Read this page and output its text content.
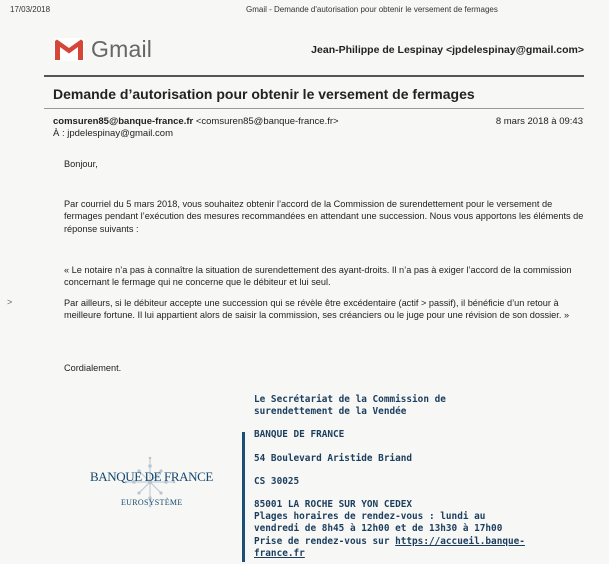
17/03/2018	Gmail - Demande d'autorisation pour obtenir le versement de fermages
Gmail	Jean-Philippe de Lespinay <jpdelespinay@gmail.com>
Demande d’autorisation pour obtenir le versement de fermages
comsuren85@banque-france.fr <comsuren85@banque-france.fr>	8 mars 2018 à 09:43
À : jpdelespinay@gmail.com
Bonjour,
Par courriel du 5 mars 2018, vous souhaitez obtenir l’accord de la Commission de surendettement pour le versement de fermages pendant l’exécution des mesures recommandées en attendant une succession. Nous vous apportons les éléments de réponse suivants :
« Le notaire n’a pas à connaître la situation de surendettement des ayant-droits. Il n’a pas à exiger l’accord de la commission concernant le fermage qui ne concerne que le débiteur et lui seul.
Par ailleurs, si le débiteur accepte une succession qui se révèle être excédentaire (actif > passif), il bénéficie d’un retour à meilleure fortune. Il lui appartient alors de saisir la commission, ses créanciers ou le juge pour une révision de son dossier. »
Cordialement.
>
BANQUE DE FRANCE
EUROSYSTÈME
Le Secrétariat de la Commission de
surendettement de la Vendée
BANQUE DE FRANCE
54 Boulevard Aristide Briand
CS 30025
85001 LA ROCHE SUR YON CEDEX
Plages horaires de rendez-vous : lundi au
vendredi de 8h45 à 12h00 et de 13h30 à 17h00
Prise de rendez-vous sur https://accueil.banque-
france.fr
